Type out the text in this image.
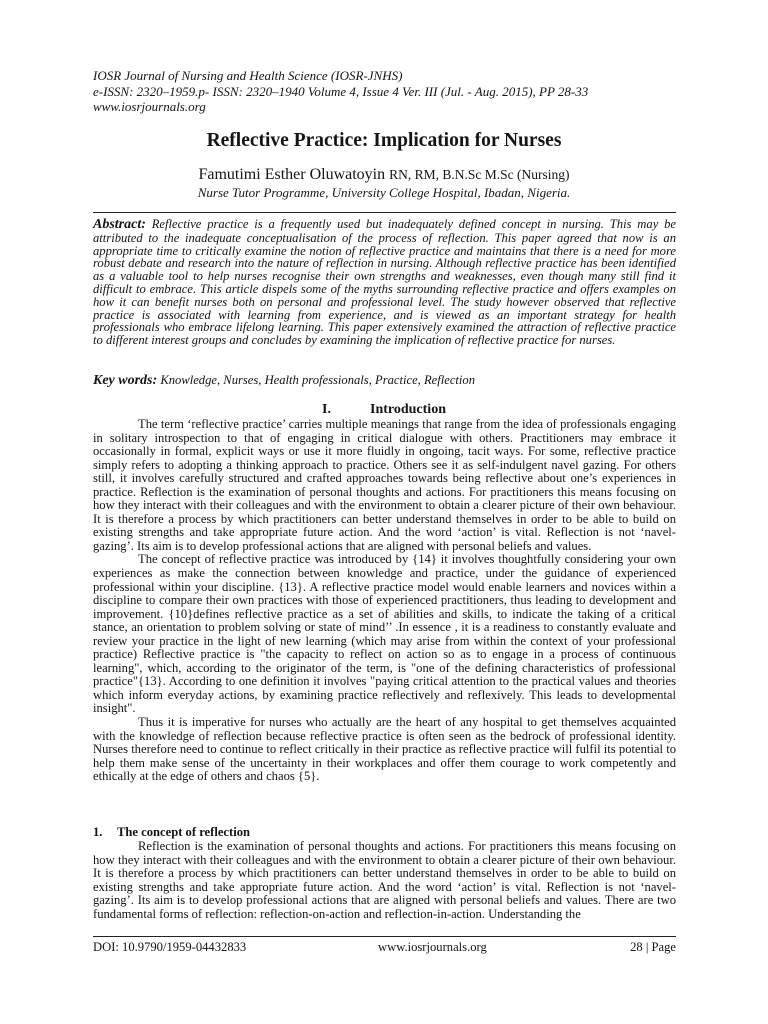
IOSR Journal of Nursing and Health Science (IOSR-JNHS)
e-ISSN: 2320–1959.p- ISSN: 2320–1940 Volume 4, Issue 4 Ver. III (Jul. - Aug. 2015), PP 28-33
www.iosrjournals.org
Reflective Practice: Implication for Nurses
Famutimi Esther Oluwatoyin RN, RM, B.N.Sc M.Sc (Nursing)
Nurse Tutor Programme, University College Hospital, Ibadan, Nigeria.
Abstract: Reflective practice is a frequently used but inadequately defined concept in nursing. This may be attributed to the inadequate conceptualisation of the process of reflection. This paper agreed that now is an appropriate time to critically examine the notion of reflective practice and maintains that there is a need for more robust debate and research into the nature of reflection in nursing. Although reflective practice has been identified as a valuable tool to help nurses recognise their own strengths and weaknesses, even though many still find it difficult to embrace. This article dispels some of the myths surrounding reflective practice and offers examples on how it can benefit nurses both on personal and professional level. The study however observed that reflective practice is associated with learning from experience, and is viewed as an important strategy for health professionals who embrace lifelong learning. This paper extensively examined the attraction of reflective practice to different interest groups and concludes by examining the implication of reflective practice for nurses.
Key words: Knowledge, Nurses, Health professionals, Practice, Reflection
I.	Introduction

The term ‘reflective practice’ carries multiple meanings that range from the idea of professionals engaging in solitary introspection to that of engaging in critical dialogue with others. Practitioners may embrace it occasionally in formal, explicit ways or use it more fluidly in ongoing, tacit ways. For some, reflective practice simply refers to adopting a thinking approach to practice. Others see it as self-indulgent navel gazing. For others still, it involves carefully structured and crafted approaches towards being reflective about one’s experiences in practice. Reflection is the examination of personal thoughts and actions. For practitioners this means focusing on how they interact with their colleagues and with the environment to obtain a clearer picture of their own behaviour. It is therefore a process by which practitioners can better understand themselves in order to be able to build on existing strengths and take appropriate future action. And the word ‘action’ is vital. Reflection is not ‘navel-gazing’. Its aim is to develop professional actions that are aligned with personal beliefs and values.

The concept of reflective practice was introduced by {14} it involves thoughtfully considering your own experiences as make the connection between knowledge and practice, under the guidance of experienced professional within your discipline. {13}. A reflective practice model would enable learners and novices within a discipline to compare their own practices with those of experienced practitioners, thus leading to development and improvement. {10}defines reflective practice as a set of abilities and skills, to indicate the taking of a critical stance, an orientation to problem solving or state of mind’’ .In essence , it is a readiness to constantly evaluate and review your practice in the light of new learning (which may arise from within the context of your professional practice) Reflective practice is "the capacity to reflect on action so as to engage in a process of continuous learning", which, according to the originator of the term, is "one of the defining characteristics of professional practice"{13}. According to one definition it involves "paying critical attention to the practical values and theories which inform everyday actions, by examining practice reflectively and reflexively. This leads to developmental insight".

Thus it is imperative for nurses who actually are the heart of any hospital to get themselves acquainted with the knowledge of reflection because reflective practice is often seen as the bedrock of professional identity. Nurses therefore need to continue to reflect critically in their practice as reflective practice will fulfil its potential to help them make sense of the uncertainty in their workplaces and offer them courage to work competently and ethically at the edge of others and chaos {5}.

1. The concept of reflection

Reflection is the examination of personal thoughts and actions. For practitioners this means focusing on how they interact with their colleagues and with the environment to obtain a clearer picture of their own behaviour. It is therefore a process by which practitioners can better understand themselves in order to be able to build on existing strengths and take appropriate future action. And the word ‘action’ is vital. Reflection is not ‘navel-gazing’. Its aim is to develop professional actions that are aligned with personal beliefs and values. There are two fundamental forms of reflection: reflection-on-action and reflection-in-action. Understanding the

DOI: 10.9790/1959-04432833	www.iosrjournals.org	28 | Page
